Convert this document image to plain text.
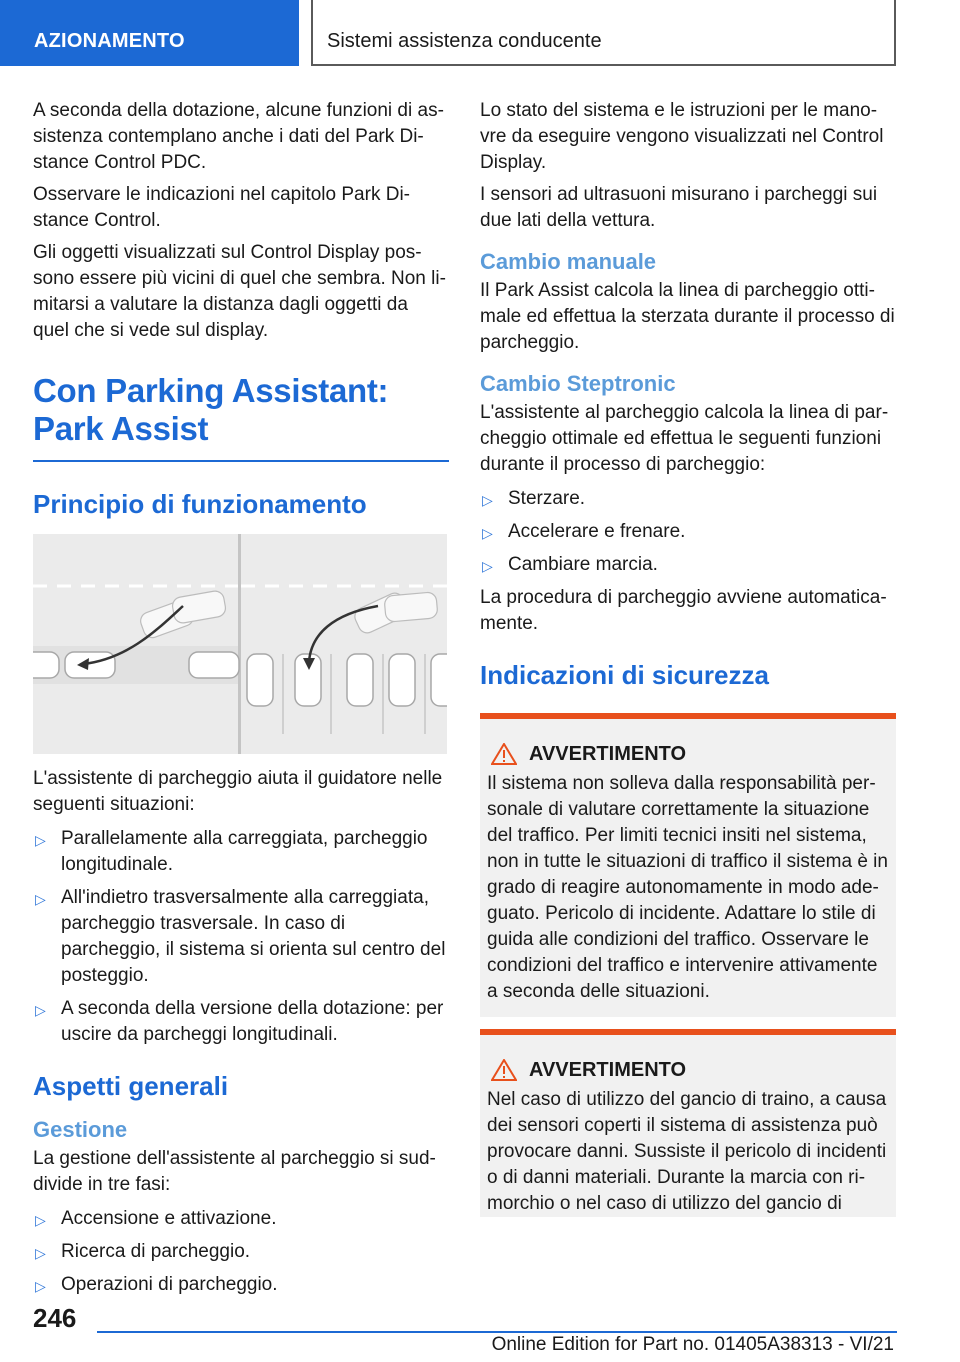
AZIONAMENTO	Sistemi assistenza conducente

A seconda della dotazione, alcune funzioni di as-sistenza contemplano anche i dati del Park Di-stance Control PDC.

Osservare le indicazioni nel capitolo Park Di-stance Control.

Gli oggetti visualizzati sul Control Display pos-sono essere più vicini di quel che sembra. Non li-mitarsi a valutare la distanza dagli oggetti da quel che si vede sul display.

Con Parking Assistant:
Park Assist
Principio di funzionamento

L'assistente di parcheggio aiuta il guidatore nelle seguenti situazioni:

▷ Parallelamente alla carreggiata, parcheggio longitudinale.
▷ All'indietro trasversalmente alla carreggiata, parcheggio trasversale. In caso di parcheggio, il sistema si orienta sul centro del posteggio.
▷ A seconda della versione della dotazione: per uscire da parcheggi longitudinali.
Aspetti generali
Gestione

La gestione dell'assistente al parcheggio si sud-divide in tre fasi:

▷ Accensione e attivazione.
▷ Ricerca di parcheggio.
▷ Operazioni di parcheggio.

Lo stato del sistema e le istruzioni per le mano-vre da eseguire vengono visualizzati nel Control Display.

I sensori ad ultrasuoni misurano i parcheggi sui due lati della vettura.

Cambio manuale

Il Park Assist calcola la linea di parcheggio otti-male ed effettua la sterzata durante il processo di parcheggio.

Cambio Steptronic

L'assistente al parcheggio calcola la linea di par-cheggio ottimale ed effettua le seguenti funzioni durante il processo di parcheggio:

▷ Sterzare.
▷ Accelerare e frenare.
▷ Cambiare marcia.

La procedura di parcheggio avviene automatica-mente.

Indicazioni di sicurezza
AVVERTIMENTO

Il sistema non solleva dalla responsabilità per-sonale di valutare correttamente la situazione del traffico. Per limiti tecnici insiti nel sistema, non in tutte le situazioni di traffico il sistema è in grado di reagire autonomamente in modo ade-guato. Pericolo di incidente. Adattare lo stile di guida alle condizioni del traffico. Osservare le condizioni del traffico e intervenire attivamente a seconda delle situazioni.

AVVERTIMENTO

Nel caso di utilizzo del gancio di traino, a causa dei sensori coperti il sistema di assistenza può provocare danni. Sussiste il pericolo di incidenti o di danni materiali. Durante la marcia con ri-morchio o nel caso di utilizzo del gancio di

246
Online Edition for Part no. 01405A38313 - VI/21
